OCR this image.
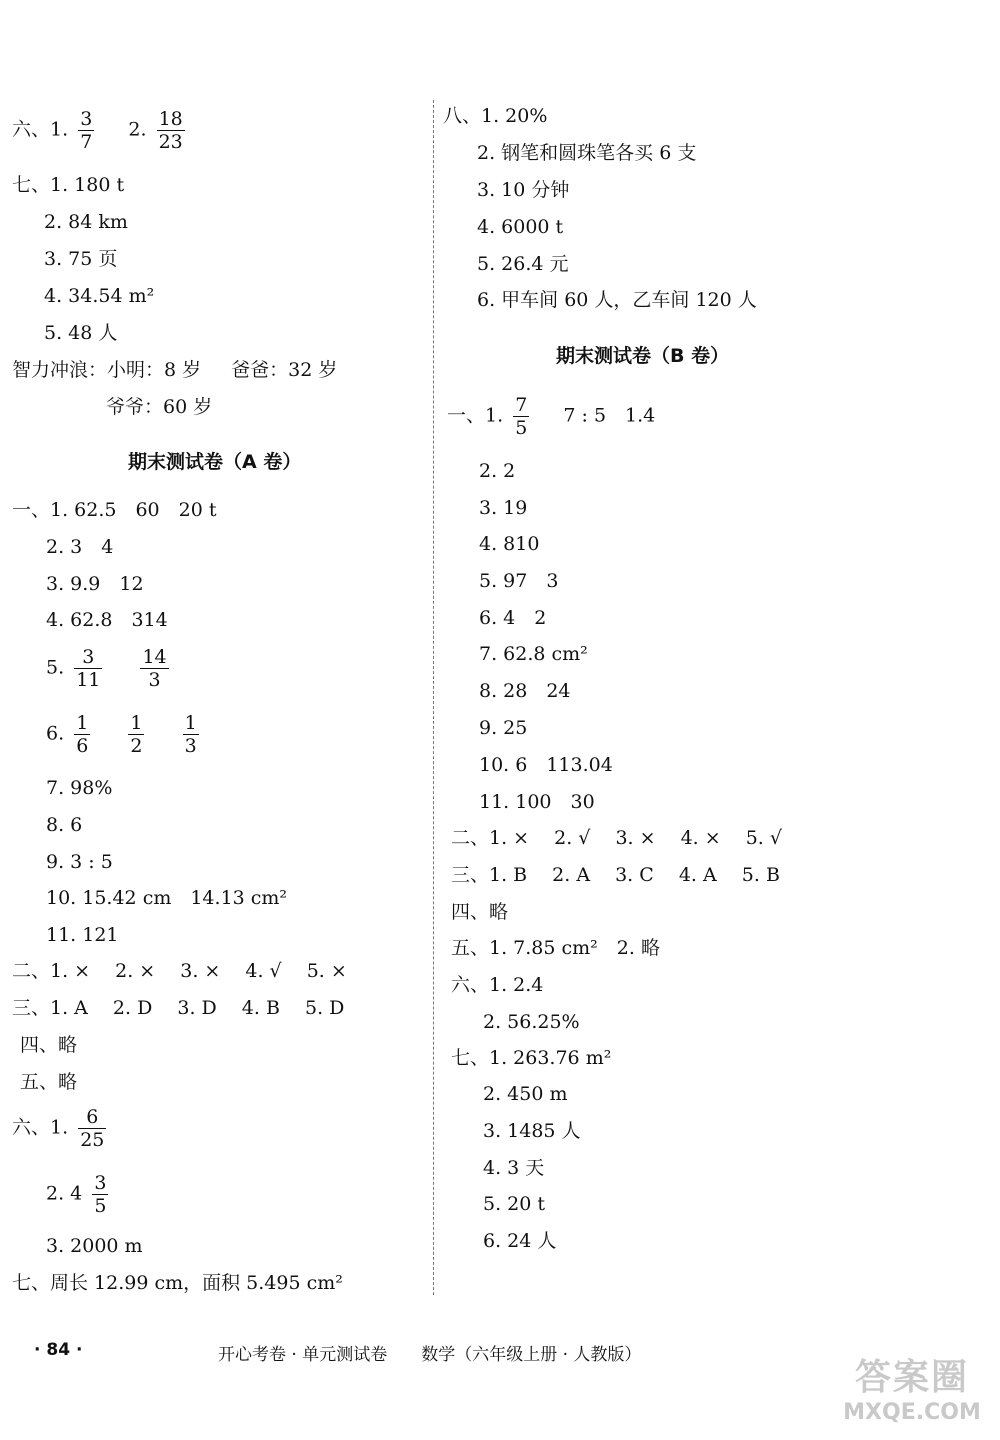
六、1. $\frac{3}{7} 2$. $\frac{18}{23}$
七、1. 180 t
2. 84 km
3. 75 页
4. 34.54 m²
5. 48 人
智力冲浪：小明：8 岁 爸爸：32 岁
爷爷：60 岁
期末测试卷（A 卷）
一、1. 62.5　60　20 t
2. 3　4
3. 9.9　12
4. 62.8　314
5. $\frac{3}{11}$
$\frac{14}{3}$
6. $\frac{1}{6}$
$\frac{1}{2}$
$\frac{1}{3}$
7. 98%
8. 6
9. 3 : 5
10. 15.42 cm　14.13 cm²
11. 121
二、1. ×　 2. ×　 3. ×　 4. √　 5. ×
三、1. A　 2. D　 3. D　 4. B　 5. D
四、略
五、略
六、1. $\frac{6}{25}$
2. $4 \frac{3}{5}$
3. 2000 m
七、周长 12.99 cm，面积 5.495 cm²
八、1. 20%
2. 钢笔和圆珠笔各买 6 支
3. 10 分钟
4. 6000 t
5. 26.4 元
6. 甲车间 60 人，乙车间 120 人
期末测试卷（B 卷）
一、1. $\frac{7}{5} 7$ : 5　1.4
2. 2
3. 19
4. 810
5. 97　3
6. 4　2
7. 62.8 cm²
8. 28　24
9. 25
10. 6　113.04
11. 100　30
二、1. ×　 2. √　 3. ×　 4. ×　 5. √
三、1. B　 2. A　 3. C　 4. A　 5. B
四、略
五、1. 7.85 cm²　2. 略
六、1. 2.4
2. 56.25%
七、1. 263.76 m²
2. 450 m
3. 1485 人
4. 3 天
5. 20 t
6. 24 人
· 84 ·	开心考卷 · 单元测试卷　　数学（六年级上册 · 人教版）
答案圈
MXQE.COM
